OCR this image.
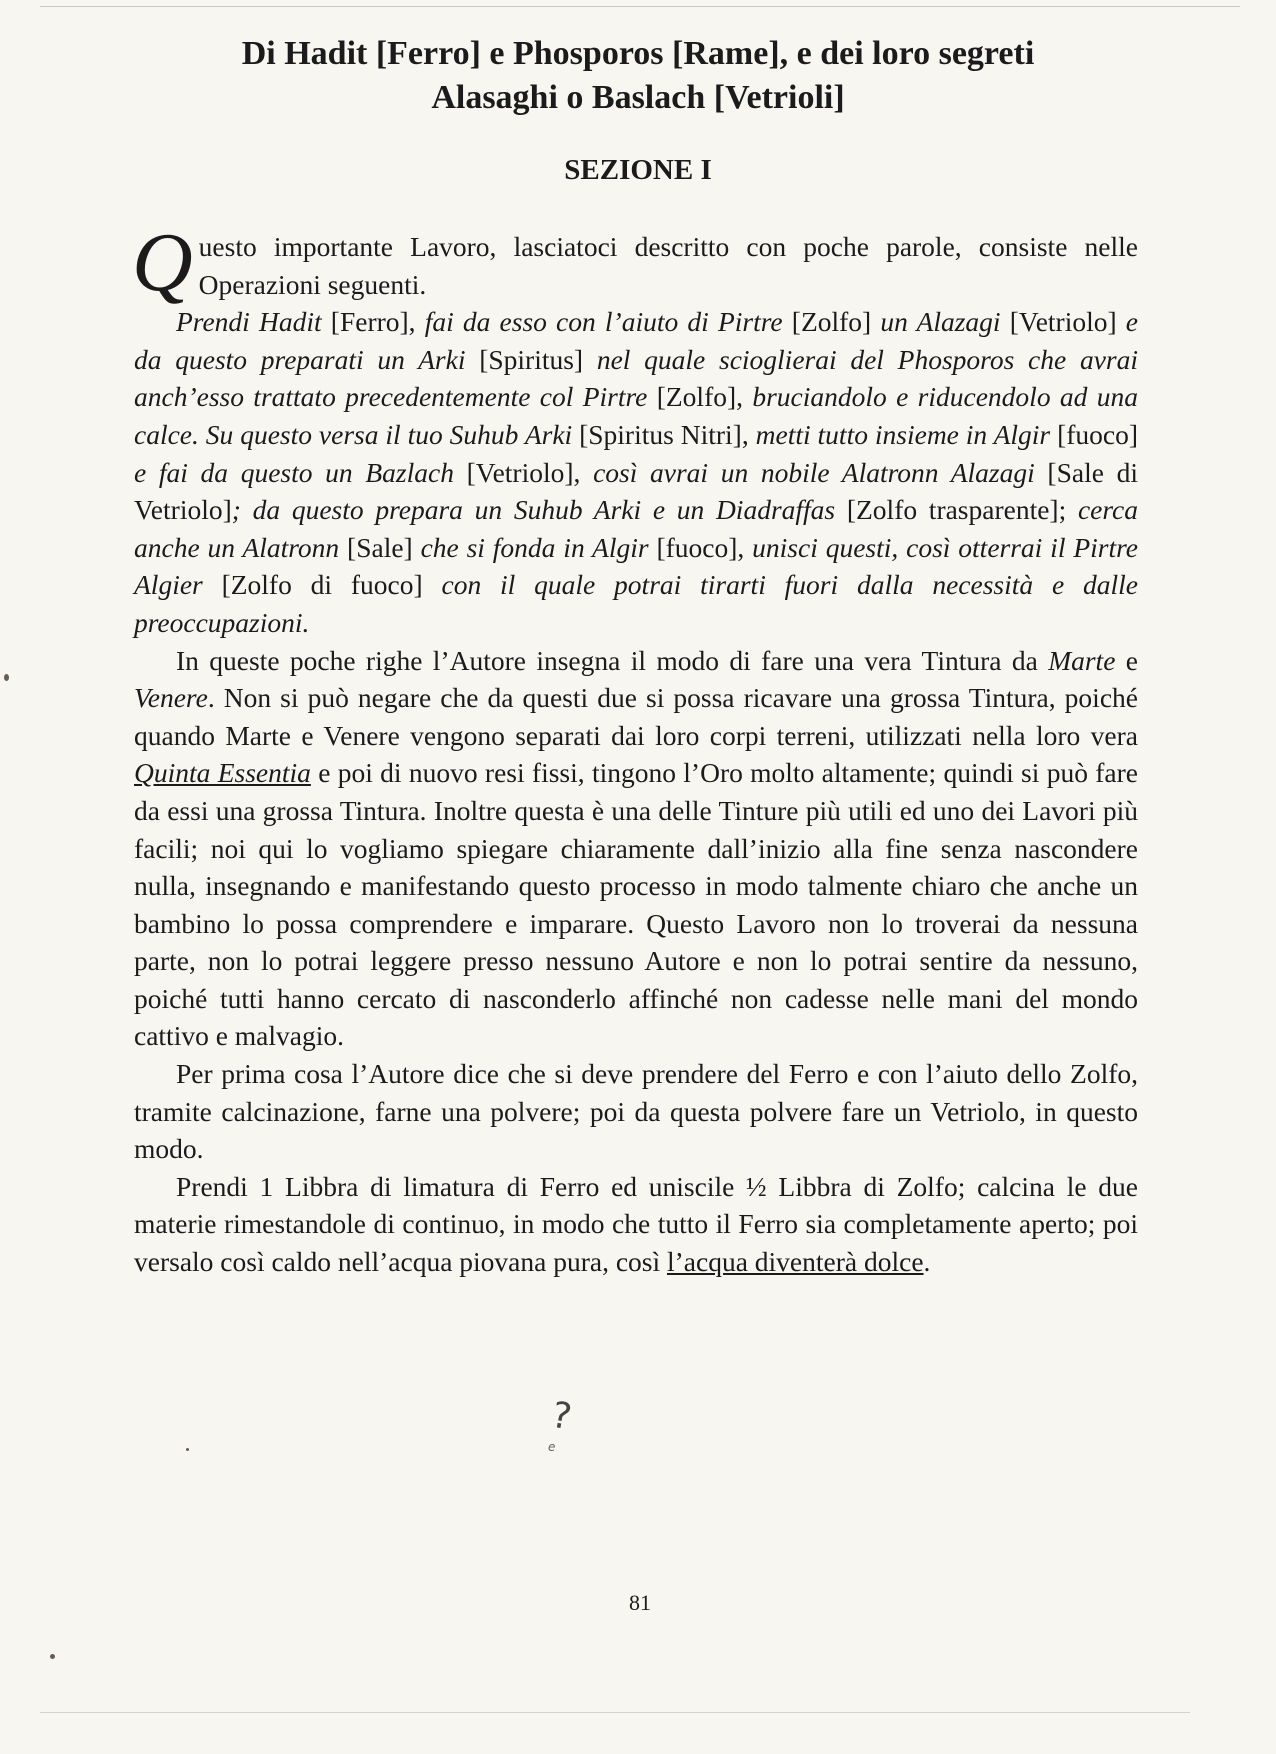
Di Hadit [Ferro] e Phosporos [Rame], e dei loro segreti
Alasaghi o Baslach [Vetrioli]
SEZIONE I

Questo importante Lavoro, lasciatoci descritto con poche parole, consiste nelle Operazioni seguenti.

Prendi Hadit [Ferro], fai da esso con l’aiuto di Pirtre [Zolfo] un Alazagi [Vetriolo] e da questo preparati un Arki [Spiritus] nel quale scioglierai del Phosporos che avrai anch’esso trattato precedentemente col Pirtre [Zolfo], bruciandolo e riducendolo ad una calce. Su questo versa il tuo Suhub Arki [Spiritus Nitri], metti tutto insieme in Algir [fuoco] e fai da questo un Bazlach [Vetriolo], così avrai un nobile Alatronn Alazagi [Sale di Vetriolo]; da questo prepara un Suhub Arki e un Diadraffas [Zolfo trasparente]; cerca anche un Alatronn [Sale] che si fonda in Algir [fuoco], unisci questi, così otterrai il Pirtre Algier [Zolfo di fuoco] con il quale potrai tirarti fuori dalla necessità e dalle preoccupazioni.

In queste poche righe l’Autore insegna il modo di fare una vera Tintura da Marte e Venere. Non si può negare che da questi due si possa ricavare una grossa Tintura, poiché quando Marte e Venere vengono separati dai loro corpi terreni, utilizzati nella loro vera Quinta Essentia e poi di nuovo resi fissi, tingono l’Oro molto altamente; quindi si può fare da essi una grossa Tintura. Inoltre questa è una delle Tinture più utili ed uno dei Lavori più facili; noi qui lo vogliamo spiegare chiaramente dall’inizio alla fine senza nascondere nulla, insegnando e manifestando questo processo in modo talmente chiaro che anche un bambino lo possa comprendere e imparare. Questo Lavoro non lo troverai da nessuna parte, non lo potrai leggere presso nessuno Autore e non lo potrai sentire da nessuno, poiché tutti hanno cercato di nasconderlo affinché non cadesse nelle mani del mondo cattivo e malvagio.

Per prima cosa l’Autore dice che si deve prendere del Ferro e con l’aiuto dello Zolfo, tramite calcinazione, farne una polvere; poi da questa polvere fare un Vetriolo, in questo modo.

Prendi 1 Libbra di limatura di Ferro ed uniscile ½ Libbra di Zolfo; calcina le due materie rimestandole di continuo, in modo che tutto il Ferro sia completamente aperto; poi versalo così caldo nell’acqua piovana pura, così l’acqua diventerà dolce.

?
e
81
